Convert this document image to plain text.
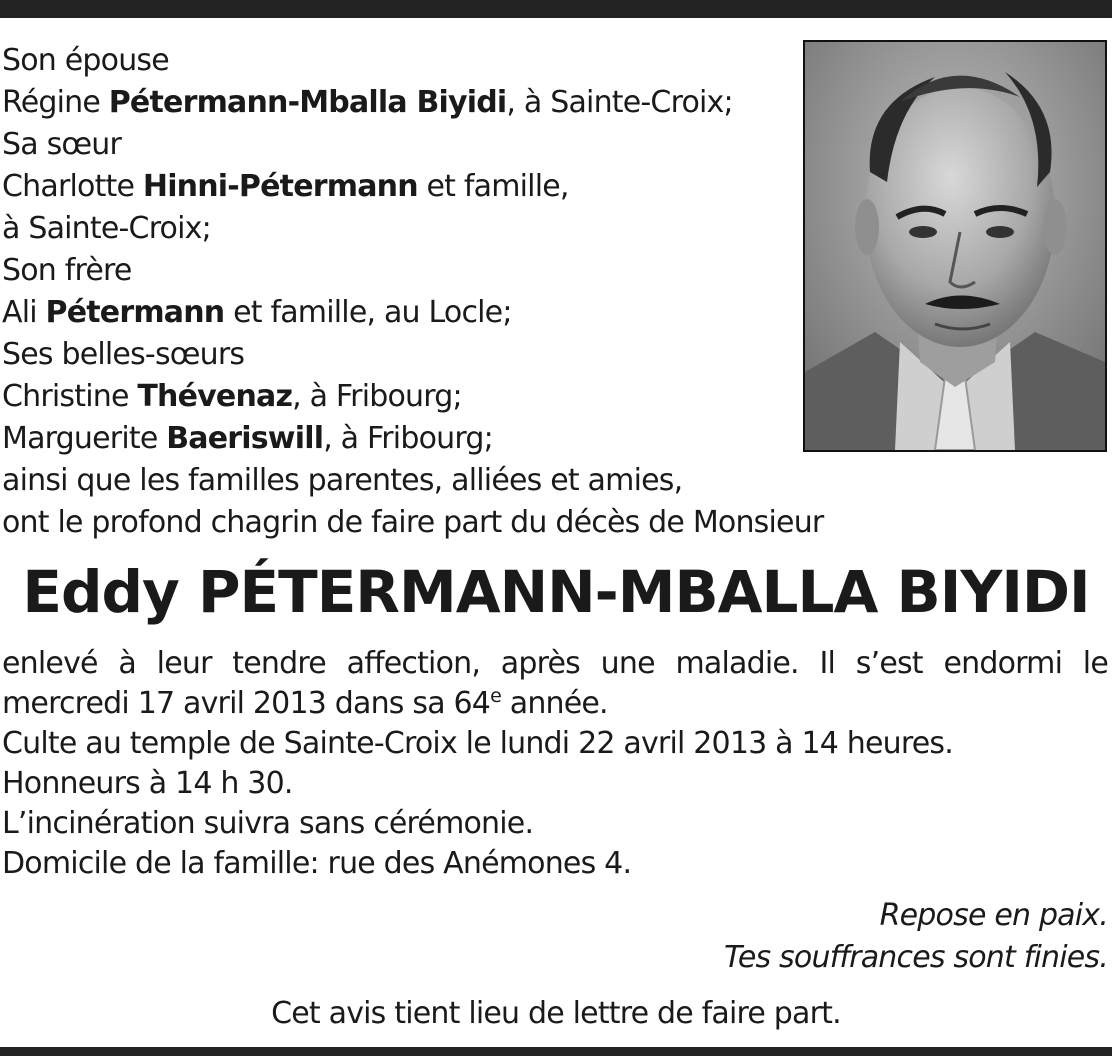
Son épouse
Régine Pétermann-Mballa Biyidi, à Sainte-Croix;
Sa sœur
Charlotte Hinni-Pétermann et famille,
à Sainte-Croix;
Son frère
Ali Pétermann et famille, au Locle;
Ses belles-sœurs
Christine Thévenaz, à Fribourg;
Marguerite Baeriswill, à Fribourg;
ainsi que les familles parentes, alliées et amies,
ont le profond chagrin de faire part du décès de Monsieur
Eddy PÉTERMANN-MBALLA BIYIDI
enlevé à leur tendre affection, après une maladie. Il s’est endormi le
mercredi 17 avril 2013 dans sa 64e année.
Culte au temple de Sainte-Croix le lundi 22 avril 2013 à 14 heures.
Honneurs à 14 h 30.
L’incinération suivra sans cérémonie.
Domicile de la famille: rue des Anémones 4.
Repose en paix.
Tes souffrances sont finies.
Cet avis tient lieu de lettre de faire part.
